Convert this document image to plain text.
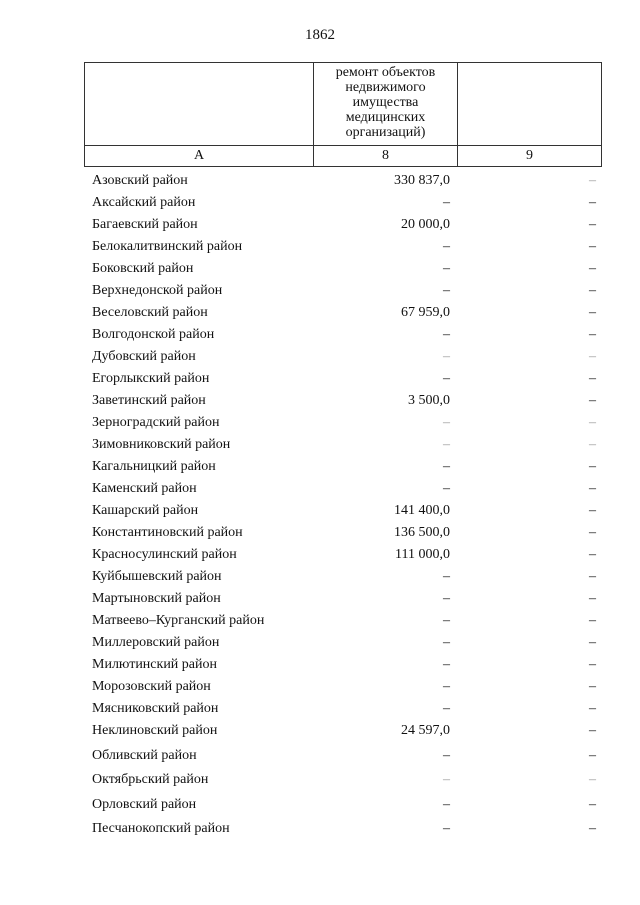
1862
	ремонт объектов недвижимого имущества медицинских организаций)	
А	8	9
Азовский район	330 837,0	–
Аксайский район	–	–
Багаевский район	20 000,0	–
Белокалитвинский район	–	–
Боковский район	–	–
Верхнедонской район	–	–
Веселовский район	67 959,0	–
Волгодонской район	–	–
Дубовский район	–	–
Егорлыкский район	–	–
Заветинский район	3 500,0	–
Зерноградский район	–	–
Зимовниковский район	–	–
Кагальницкий район	–	–
Каменский район	–	–
Кашарский район	141 400,0	–
Константиновский район	136 500,0	–
Красносулинский район	111 000,0	–
Куйбышевский район	–	–
Мартыновский район	–	–
Матвеево–Курганский район	–	–
Миллеровский район	–	–
Милютинский район	–	–
Морозовский район	–	–
Мясниковский район	–	–
Неклиновский район	24 597,0	–
Обливский район	–	–
Октябрьский район	–	–
Орловский район	–	–
Песчанокопский район	–	–
